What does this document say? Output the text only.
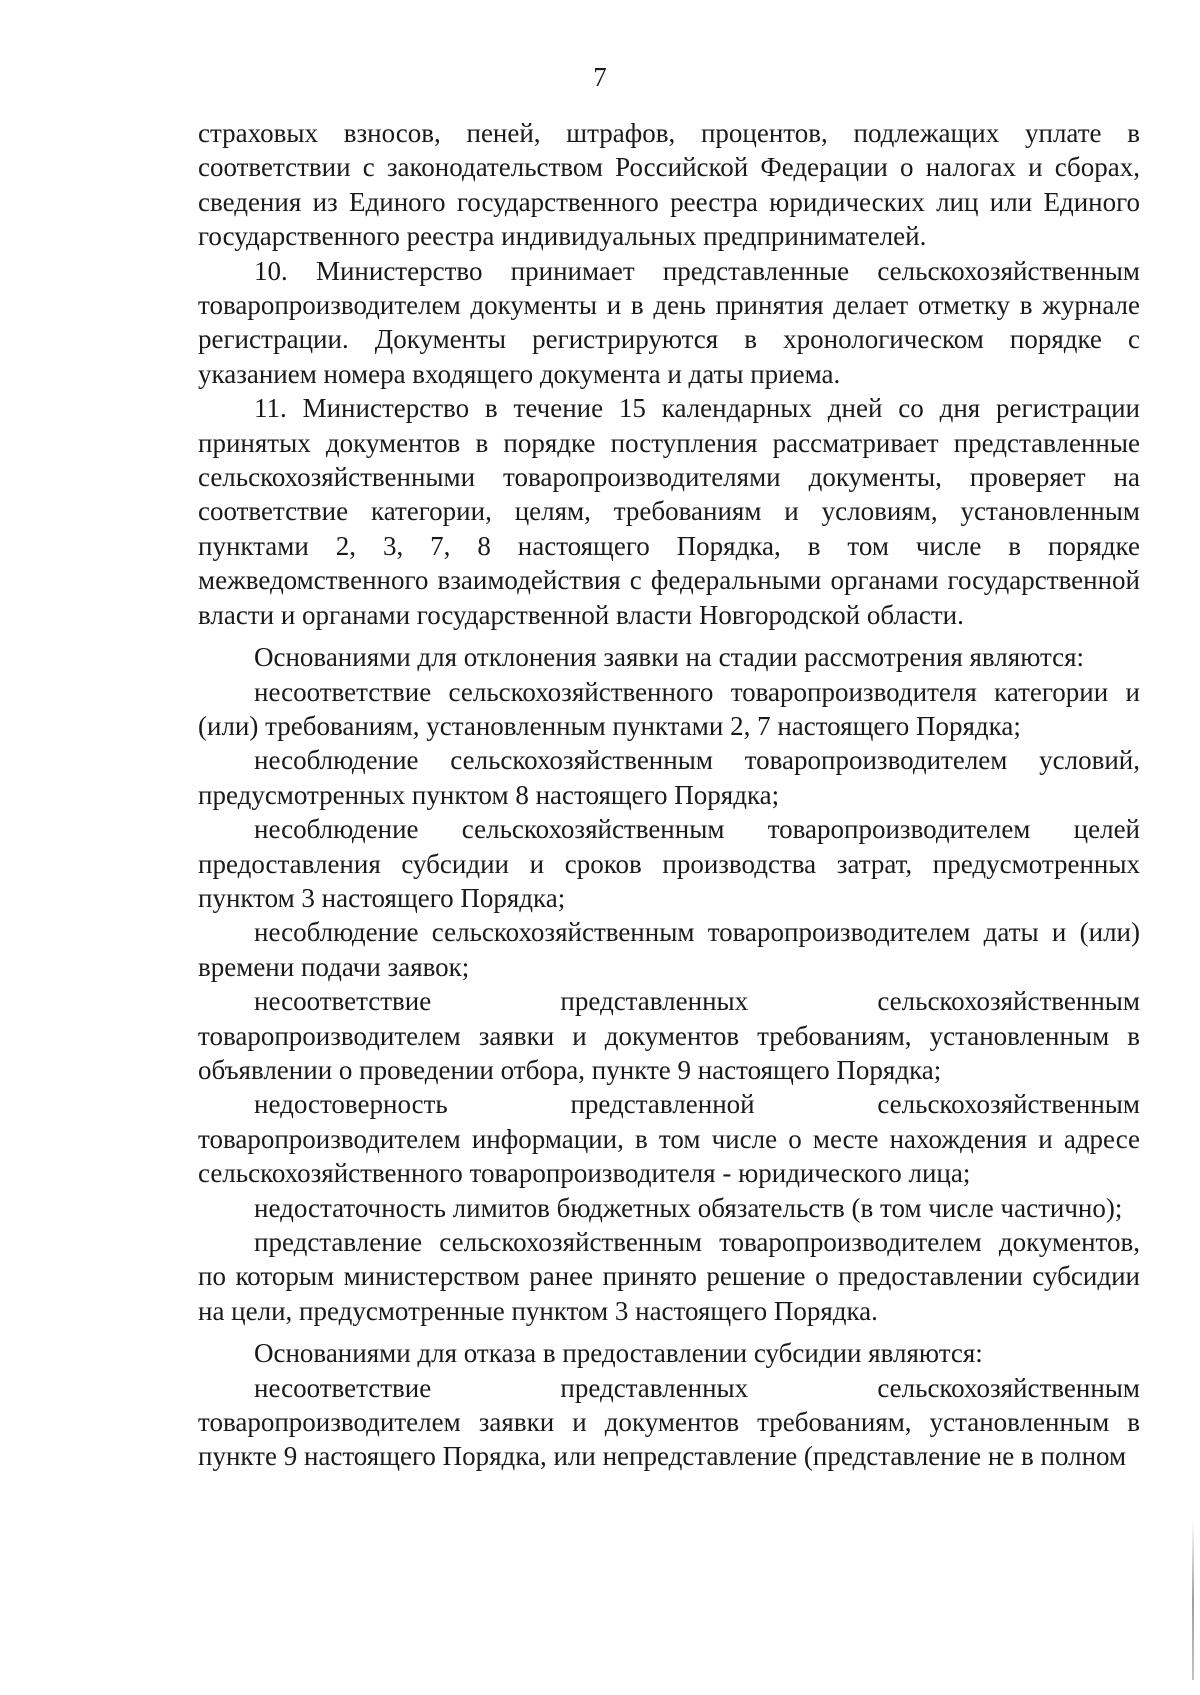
7

страховых взносов, пеней, штрафов, процентов, подлежащих уплате в соответствии с законодательством Российской Федерации о налогах и сборах, сведения из Единого государственного реестра юридических лиц или Единого государственного реестра индивидуальных предпринимателей.

10. Министерство принимает представленные сельскохозяйственным товаропроизводителем документы и в день принятия делает отметку в журнале регистрации. Документы регистрируются в хронологическом порядке с указанием номера входящего документа и даты приема.

11. Министерство в течение 15 календарных дней со дня регистрации принятых документов в порядке поступления рассматривает представленные сельскохозяйственными товаропроизводителями документы, проверяет на соответствие категории, целям, требованиям и условиям, установленным пунктами 2, 3, 7, 8 настоящего Порядка, в том числе в порядке межведомственного взаимодействия с федеральными органами государственной власти и органами государственной власти Новгородской области.

Основаниями для отклонения заявки на стадии рассмотрения являются:

несоответствие сельскохозяйственного товаропроизводителя категории и (или) требованиям, установленным пунктами 2, 7 настоящего Порядка;

несоблюдение сельскохозяйственным товаропроизводителем условий, предусмотренных пунктом 8 настоящего Порядка;

несоблюдение сельскохозяйственным товаропроизводителем целей предоставления субсидии и сроков производства затрат, предусмотренных пунктом 3 настоящего Порядка;

несоблюдение сельскохозяйственным товаропроизводителем даты и (или) времени подачи заявок;

несоответствие представленных сельскохозяйственным товаропроизводителем заявки и документов требованиям, установленным в объявлении о проведении отбора, пункте 9 настоящего Порядка;

недостоверность представленной сельскохозяйственным товаропроизводителем информации, в том числе о месте нахождения и адресе сельскохозяйственного товаропроизводителя - юридического лица;

недостаточность лимитов бюджетных обязательств (в том числе частично);

представление сельскохозяйственным товаропроизводителем документов, по которым министерством ранее принято решение о предоставлении субсидии на цели, предусмотренные пунктом 3 настоящего Порядка.

Основаниями для отказа в предоставлении субсидии являются:

несоответствие представленных сельскохозяйственным товаропроизводителем заявки и документов требованиям, установленным в пункте 9 настоящего Порядка, или непредставление (представление не в полном
